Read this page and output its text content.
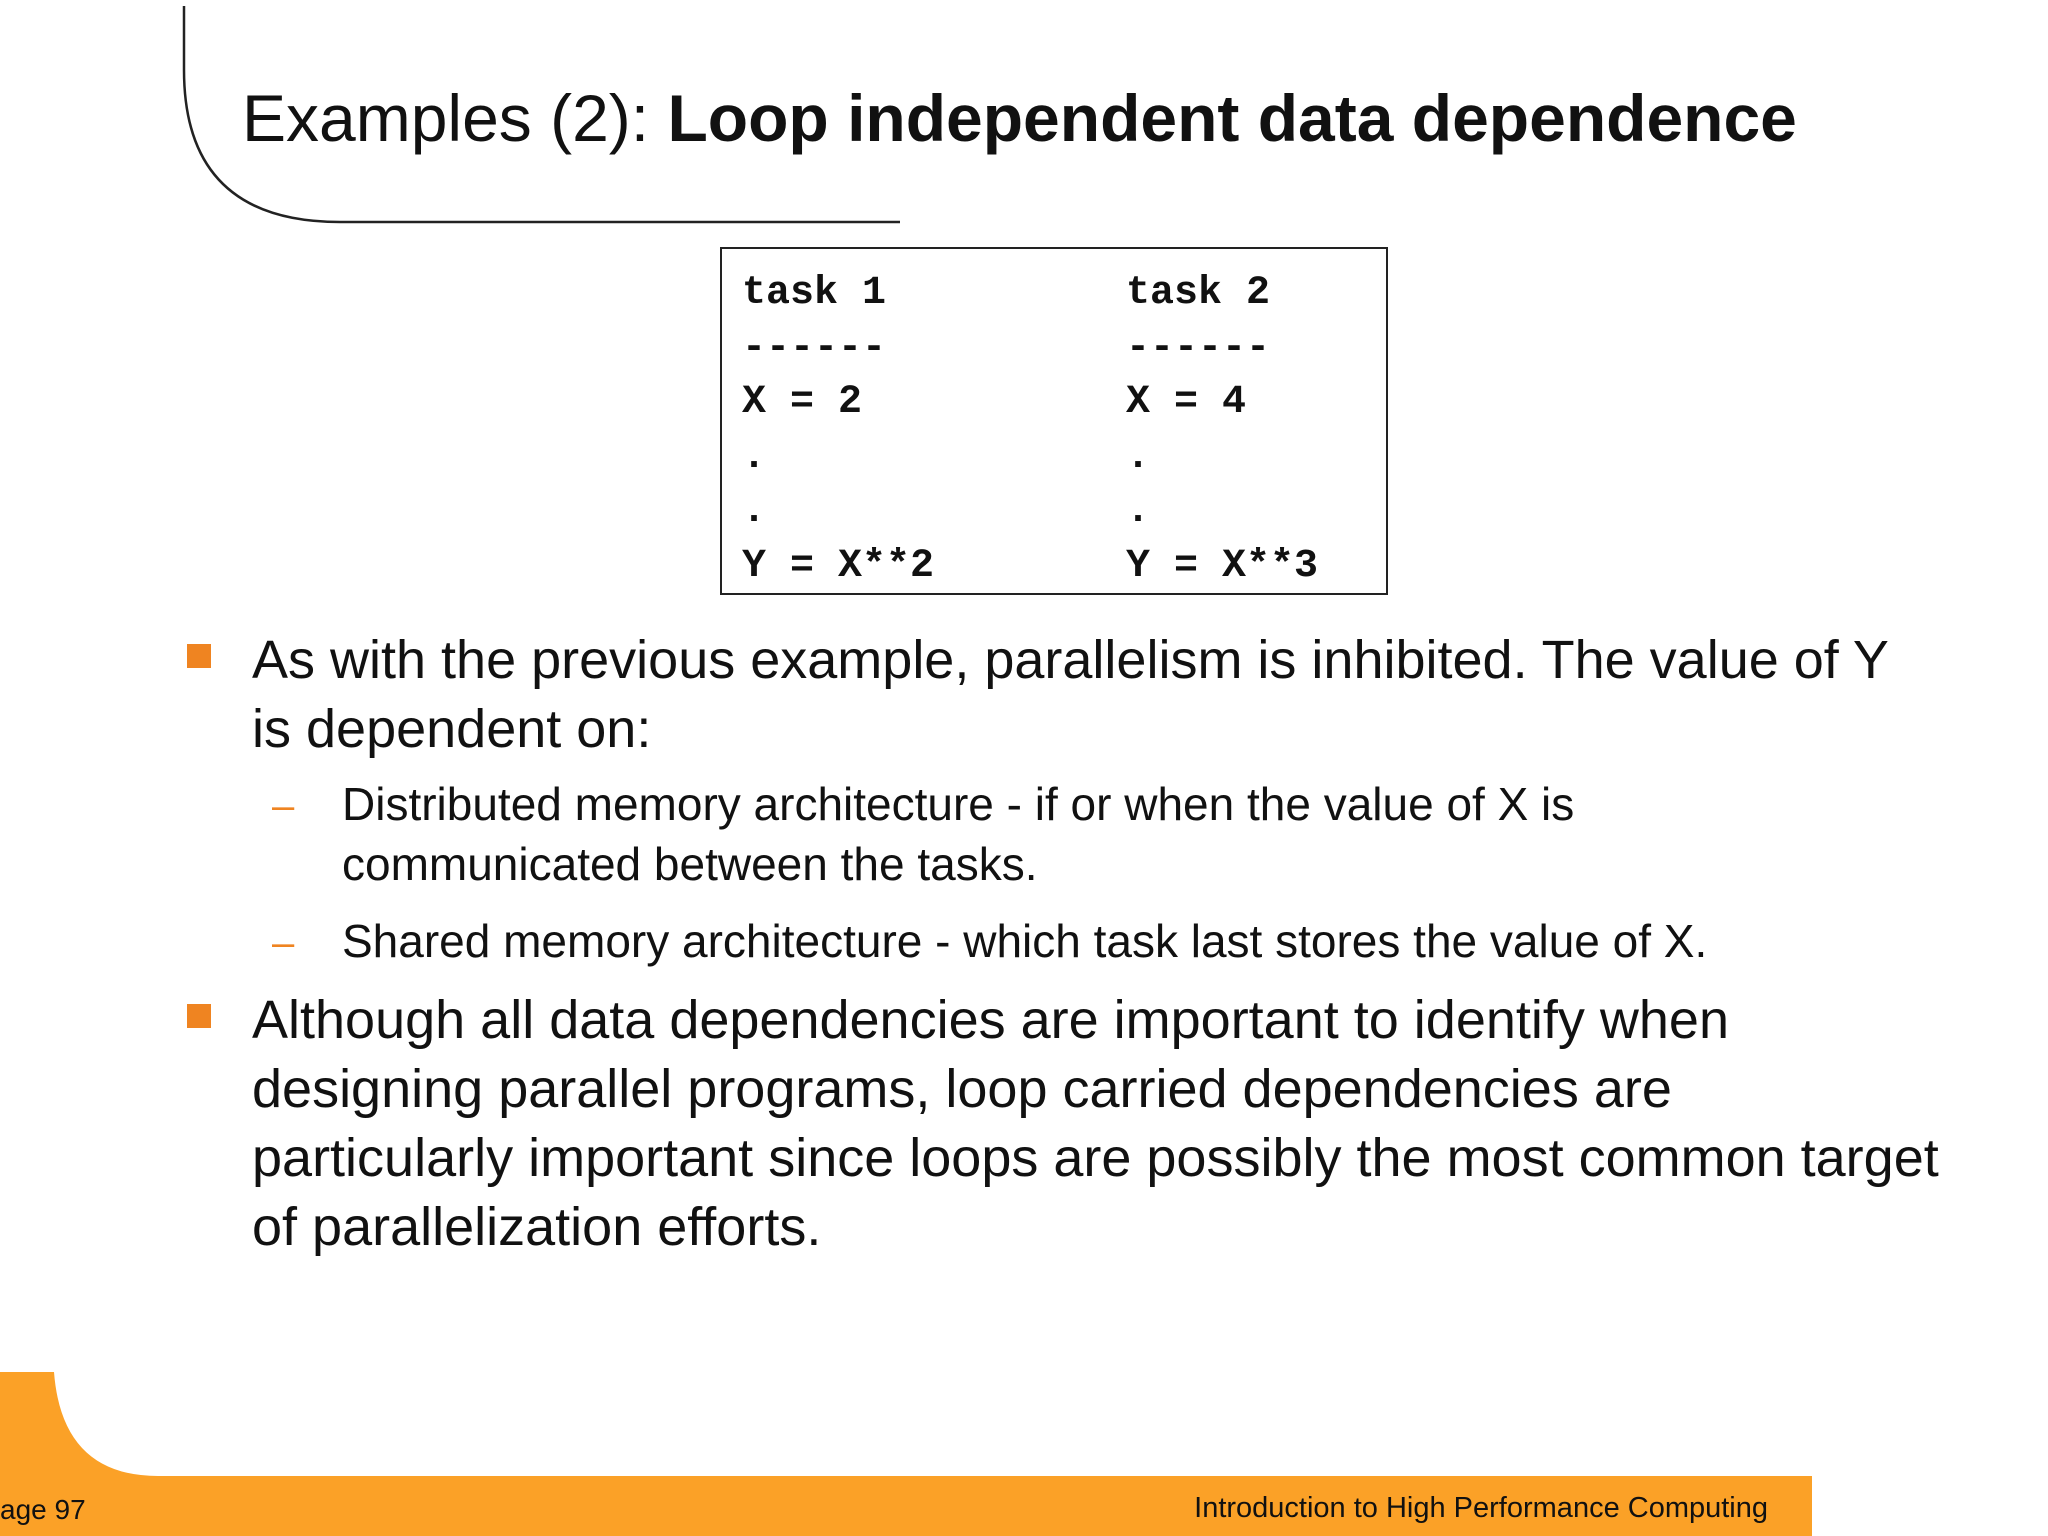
Examples (2): Loop independent data dependence
task 1
------
X = 2
.
.
Y = X**2
task 2
------
X = 4
.
.
Y = X**3
As with the previous example, parallelism is inhibited. The value of Y is dependent on:
– Distributed memory architecture - if or when the value of X is communicated between the tasks.
– Shared memory architecture - which task last stores the value of X.
Although all data dependencies are important to identify when designing parallel programs, loop carried dependencies are particularly important since loops are possibly the most common target of parallelization efforts.
age 97	Introduction to High Performance Computing
